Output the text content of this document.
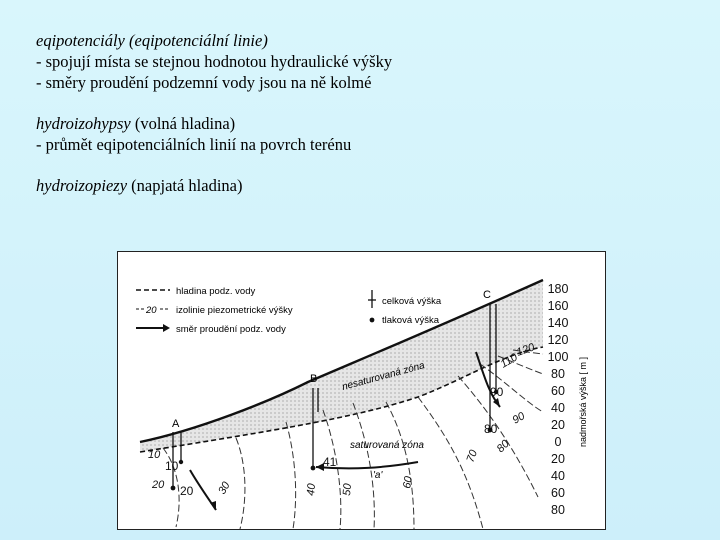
eqipotenciály (eqipotenciální linie)
- spojují místa se stejnou hodnotou hydraulické výšky
- směry proudění podzemní vody jsou na ně kolmé
hydroizohypsy (volná hladina)
- průmět eqipotenciálních linií na povrch terénu
hydroizopiezy (napjatá hladina)
hladina podz. vody
20 izolinie piezometrické výšky
směr proudění podz. vody
celková výška
tlaková výška
A
B
C
nesaturovaná zóna
saturovaná zóna
10
20	30	40 50
60
70
80
90
110
120
10
20
41
90
80
'a'
180
160
140
120
100
80
60
40
20
0
20
40
60
80
nadmořská výška [ m ]
